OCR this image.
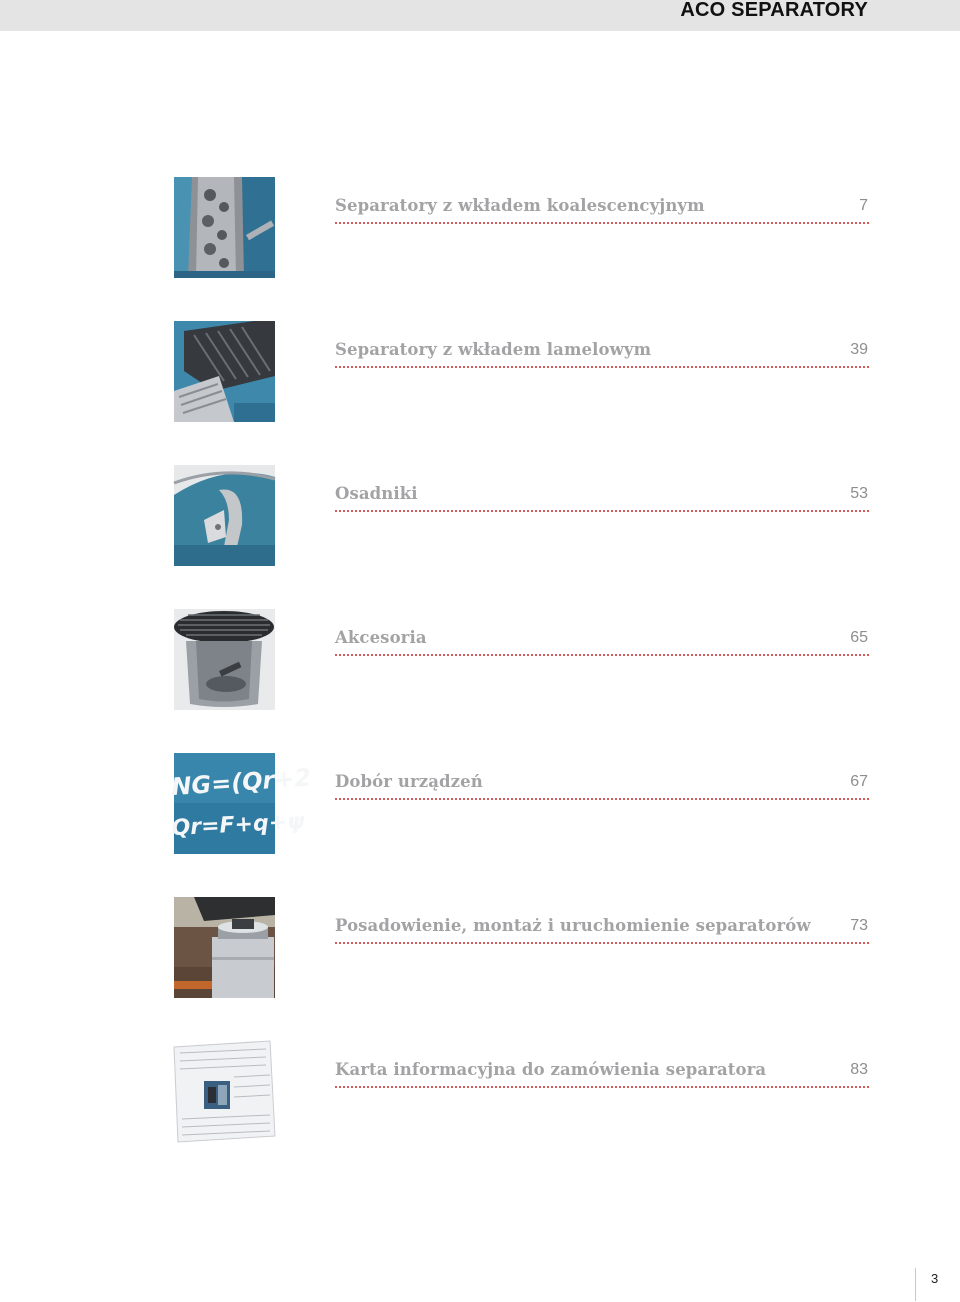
ACO SEPARATORY
Separatory z wkładem koalescencyjnym	7
Separatory z wkładem lamelowym	39
Osadniki	53
Akcesoria	65
NG=(Qr+2
Qr=F+q+ψ
Dobór urządzeń	67
Posadowienie, montaż i uruchomienie separatorów 73
Karta informacyjna do zamówienia separatora	83
3
